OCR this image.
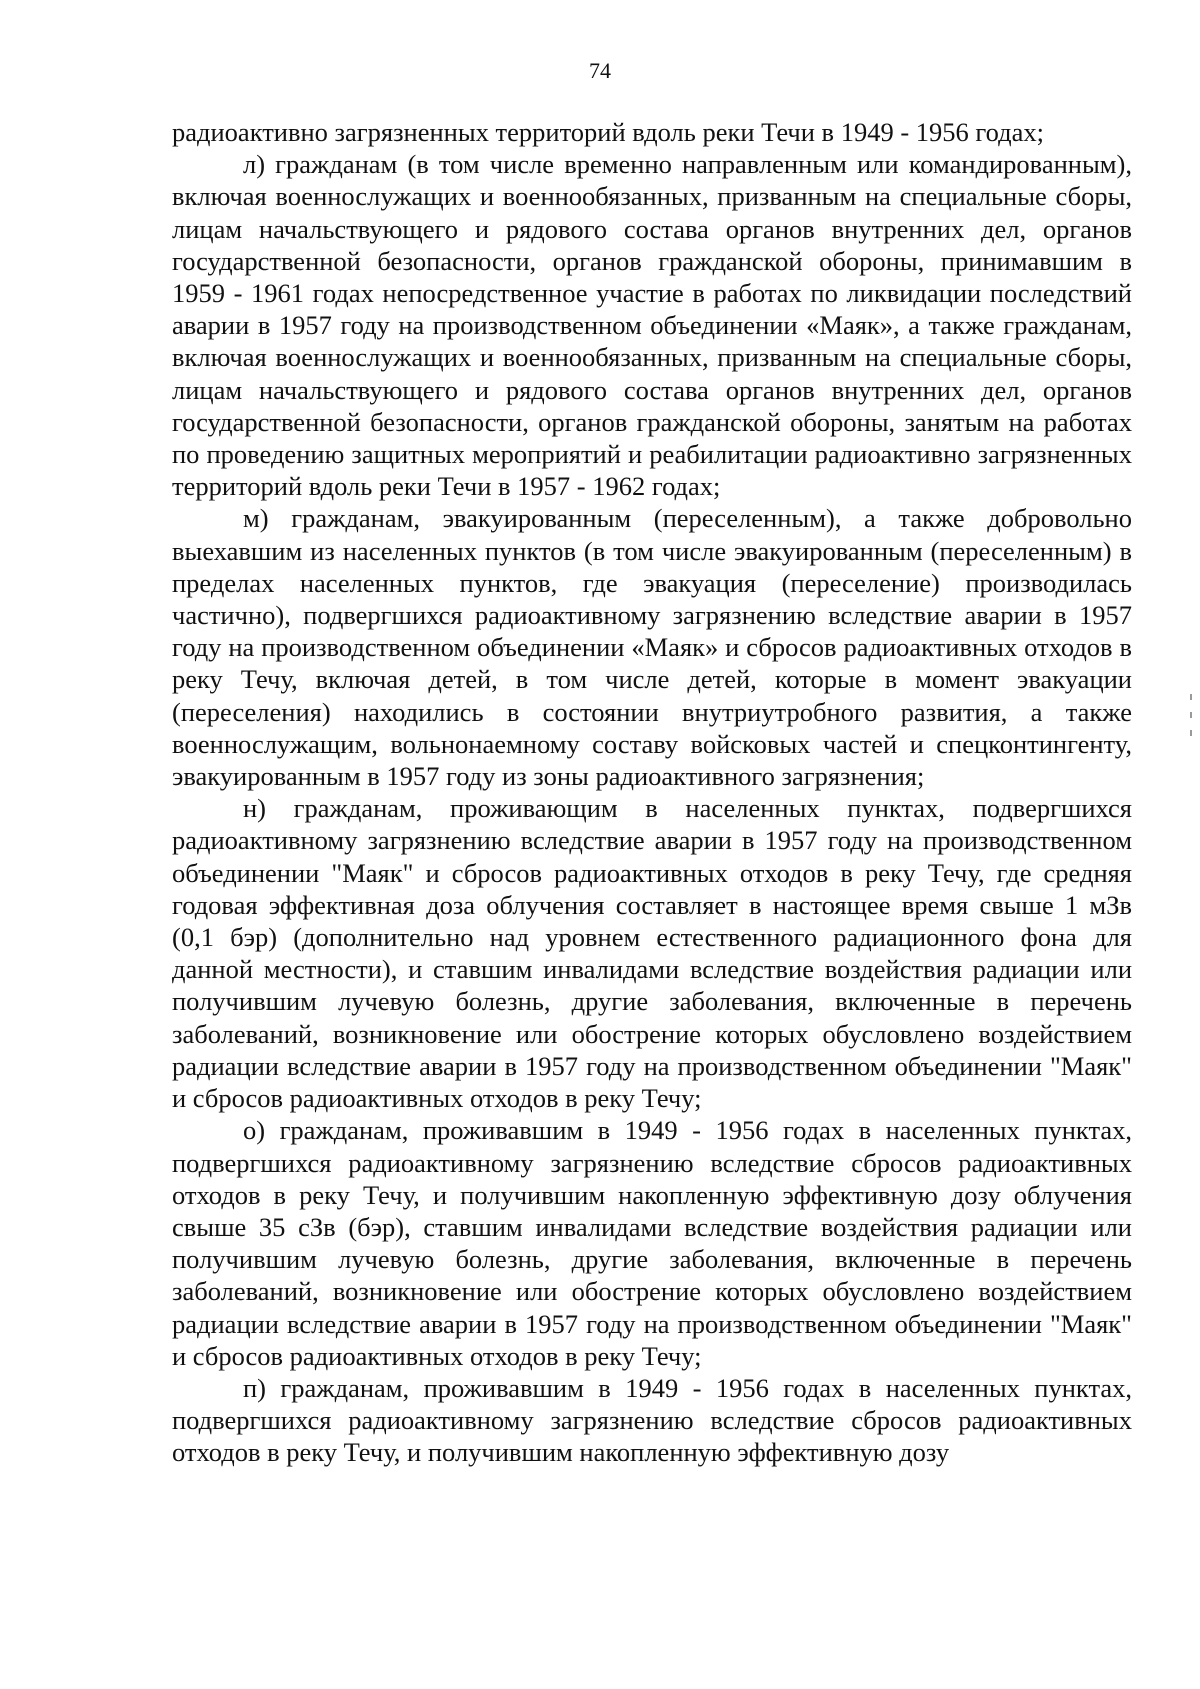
74

радиоактивно загрязненных территорий вдоль реки Течи в 1949 - 1956 годах;

л) гражданам (в том числе временно направленным или командированным), включая военнослужащих и военнообязанных, призванным на специальные сборы, лицам начальствующего и рядового состава органов внутренних дел, органов государственной безопасности, органов гражданской обороны, принимавшим в 1959 - 1961 годах непосредственное участие в работах по ликвидации последствий аварии в 1957 году на производственном объединении «Маяк», а также гражданам, включая военнослужащих и военнообязанных, призванным на специальные сборы, лицам начальствующего и рядового состава органов внутренних дел, органов государственной безопасности, органов гражданской обороны, занятым на работах по проведению защитных мероприятий и реабилитации радиоактивно загрязненных территорий вдоль реки Течи в 1957 - 1962 годах;

м) гражданам, эвакуированным (переселенным), а также добровольно выехавшим из населенных пунктов (в том числе эвакуированным (переселенным) в пределах населенных пунктов, где эвакуация (переселение) производилась частично), подвергшихся радиоактивному загрязнению вследствие аварии в 1957 году на производственном объединении «Маяк» и сбросов радиоактивных отходов в реку Течу, включая детей, в том числе детей, которые в момент эвакуации (переселения) находились в состоянии внутриутробного развития, а также военнослужащим, вольнонаемному составу войсковых частей и спецконтингенту, эвакуированным в 1957 году из зоны радиоактивного загрязнения;

н) гражданам, проживающим в населенных пунктах, подвергшихся радиоактивному загрязнению вследствие аварии в 1957 году на производственном объединении "Маяк" и сбросов радиоактивных отходов в реку Течу, где средняя годовая эффективная доза облучения составляет в настоящее время свыше 1 мЗв (0,1 бэр) (дополнительно над уровнем естественного радиационного фона для данной местности), и ставшим инвалидами вследствие воздействия радиации или получившим лучевую болезнь, другие заболевания, включенные в перечень заболеваний, возникновение или обострение которых обусловлено воздействием радиации вследствие аварии в 1957 году на производственном объединении "Маяк" и сбросов радиоактивных отходов в реку Течу;

о) гражданам, проживавшим в 1949 - 1956 годах в населенных пунктах, подвергшихся радиоактивному загрязнению вследствие сбросов радиоактивных отходов в реку Течу, и получившим накопленную эффективную дозу облучения свыше 35 сЗв (бэр), ставшим инвалидами вследствие воздействия радиации или получившим лучевую болезнь, другие заболевания, включенные в перечень заболеваний, возникновение или обострение которых обусловлено воздействием радиации вследствие аварии в 1957 году на производственном объединении "Маяк" и сбросов радиоактивных отходов в реку Течу;

п) гражданам, проживавшим в 1949 - 1956 годах в населенных пунктах, подвергшихся радиоактивному загрязнению вследствие сбросов радиоактивных отходов в реку Течу, и получившим накопленную эффективную дозу
